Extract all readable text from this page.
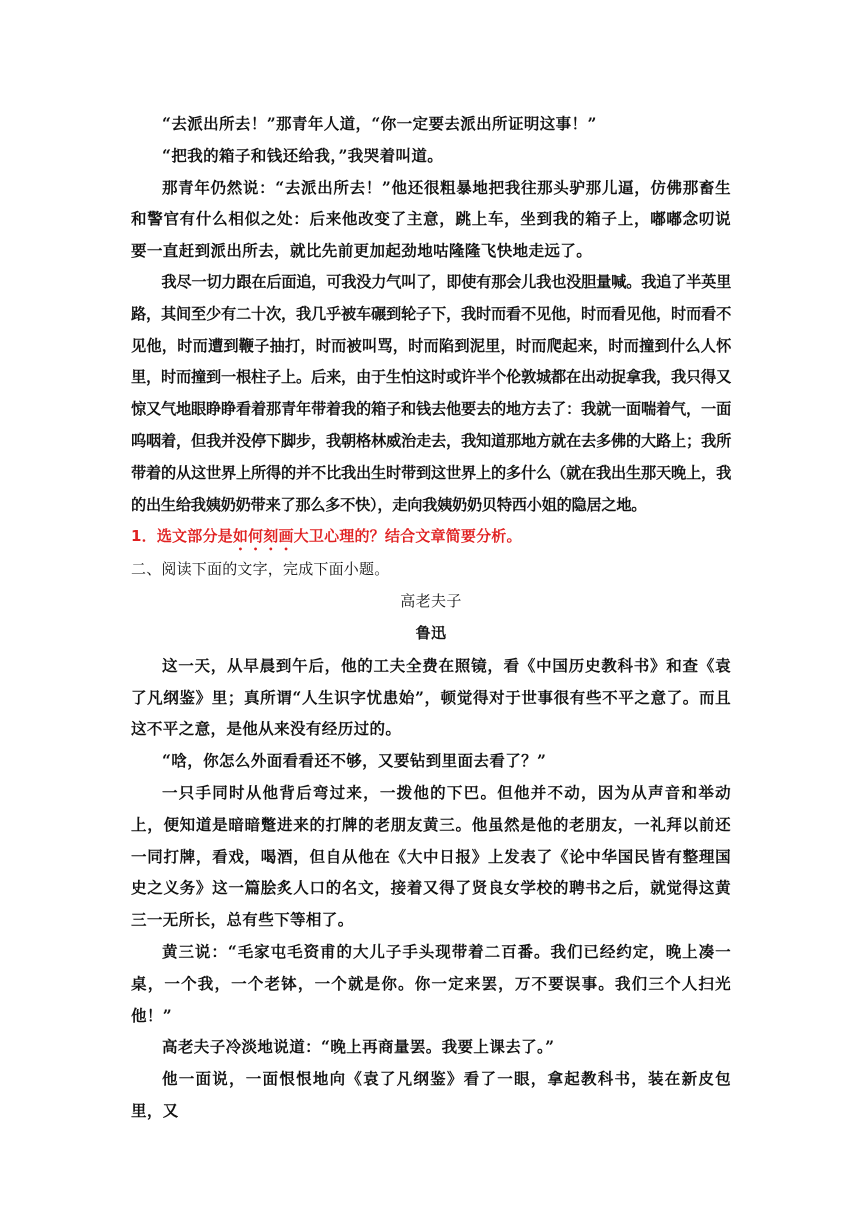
“去派出所去！”那青年人道，“你一定要去派出所证明这事！”

“把我的箱子和钱还给我，”我哭着叫道。

那青年仍然说：“去派出所去！”他还很粗暴地把我往那头驴那儿逼，仿佛那畜生和警官有什么相似之处：后来他改变了主意，跳上车，坐到我的箱子上，嘟嘟念叨说要一直赶到派出所去，就比先前更加起劲地咕隆隆飞快地走远了。

我尽一切力跟在后面追，可我没力气叫了，即使有那会儿我也没胆量喊。我追了半英里路，其间至少有二十次，我几乎被车碾到轮子下，我时而看不见他，时而看见他，时而看不见他，时而遭到鞭子抽打，时而被叫骂，时而陷到泥里，时而爬起来，时而撞到什么人怀里，时而撞到一根柱子上。后来，由于生怕这时或许半个伦敦城都在出动捉拿我，我只得又惊又气地眼睁睁看着那青年带着我的箱子和钱去他要去的地方去了：我就一面喘着气，一面呜咽着，但我并没停下脚步，我朝格林威治走去，我知道那地方就在去多佛的大路上；我所带着的从这世界上所得的并不比我出生时带到这世界上的多什么（就在我出生那天晚上，我的出生给我姨奶奶带来了那么多不快），走向我姨奶奶贝特西小姐的隐居之地。

1．选文部分是如何刻画大卫心理的？结合文章简要分析。

二、阅读下面的文字，完成下面小题。

高老夫子

鲁迅

这一天，从早晨到午后，他的工夫全费在照镜，看《中国历史教科书》和查《袁了凡纲鉴》里；真所谓“人生识字忧患始”，顿觉得对于世事很有些不平之意了。而且这不平之意，是他从来没有经历过的。

“唅，你怎么外面看看还不够，又要钻到里面去看了？”

一只手同时从他背后弯过来，一拨他的下巴。但他并不动，因为从声音和举动上，便知道是暗暗蹩进来的打牌的老朋友黄三。他虽然是他的老朋友，一礼拜以前还一同打牌，看戏，喝酒，但自从他在《大中日报》上发表了《论中华国民皆有整理国史之义务》这一篇脍炙人口的名文，接着又得了贤良女学校的聘书之后，就觉得这黄三一无所长，总有些下等相了。

黄三说：“毛家屯毛资甫的大儿子手头现带着二百番。我们已经约定，晚上凑一桌，一个我，一个老钵，一个就是你。你一定来罢，万不要误事。我们三个人扫光他！”

高老夫子冷淡地说道：“晚上再商量罢。我要上课去了。”

他一面说，一面恨恨地向《袁了凡纲鉴》看了一眼，拿起教科书，装在新皮包里，又
